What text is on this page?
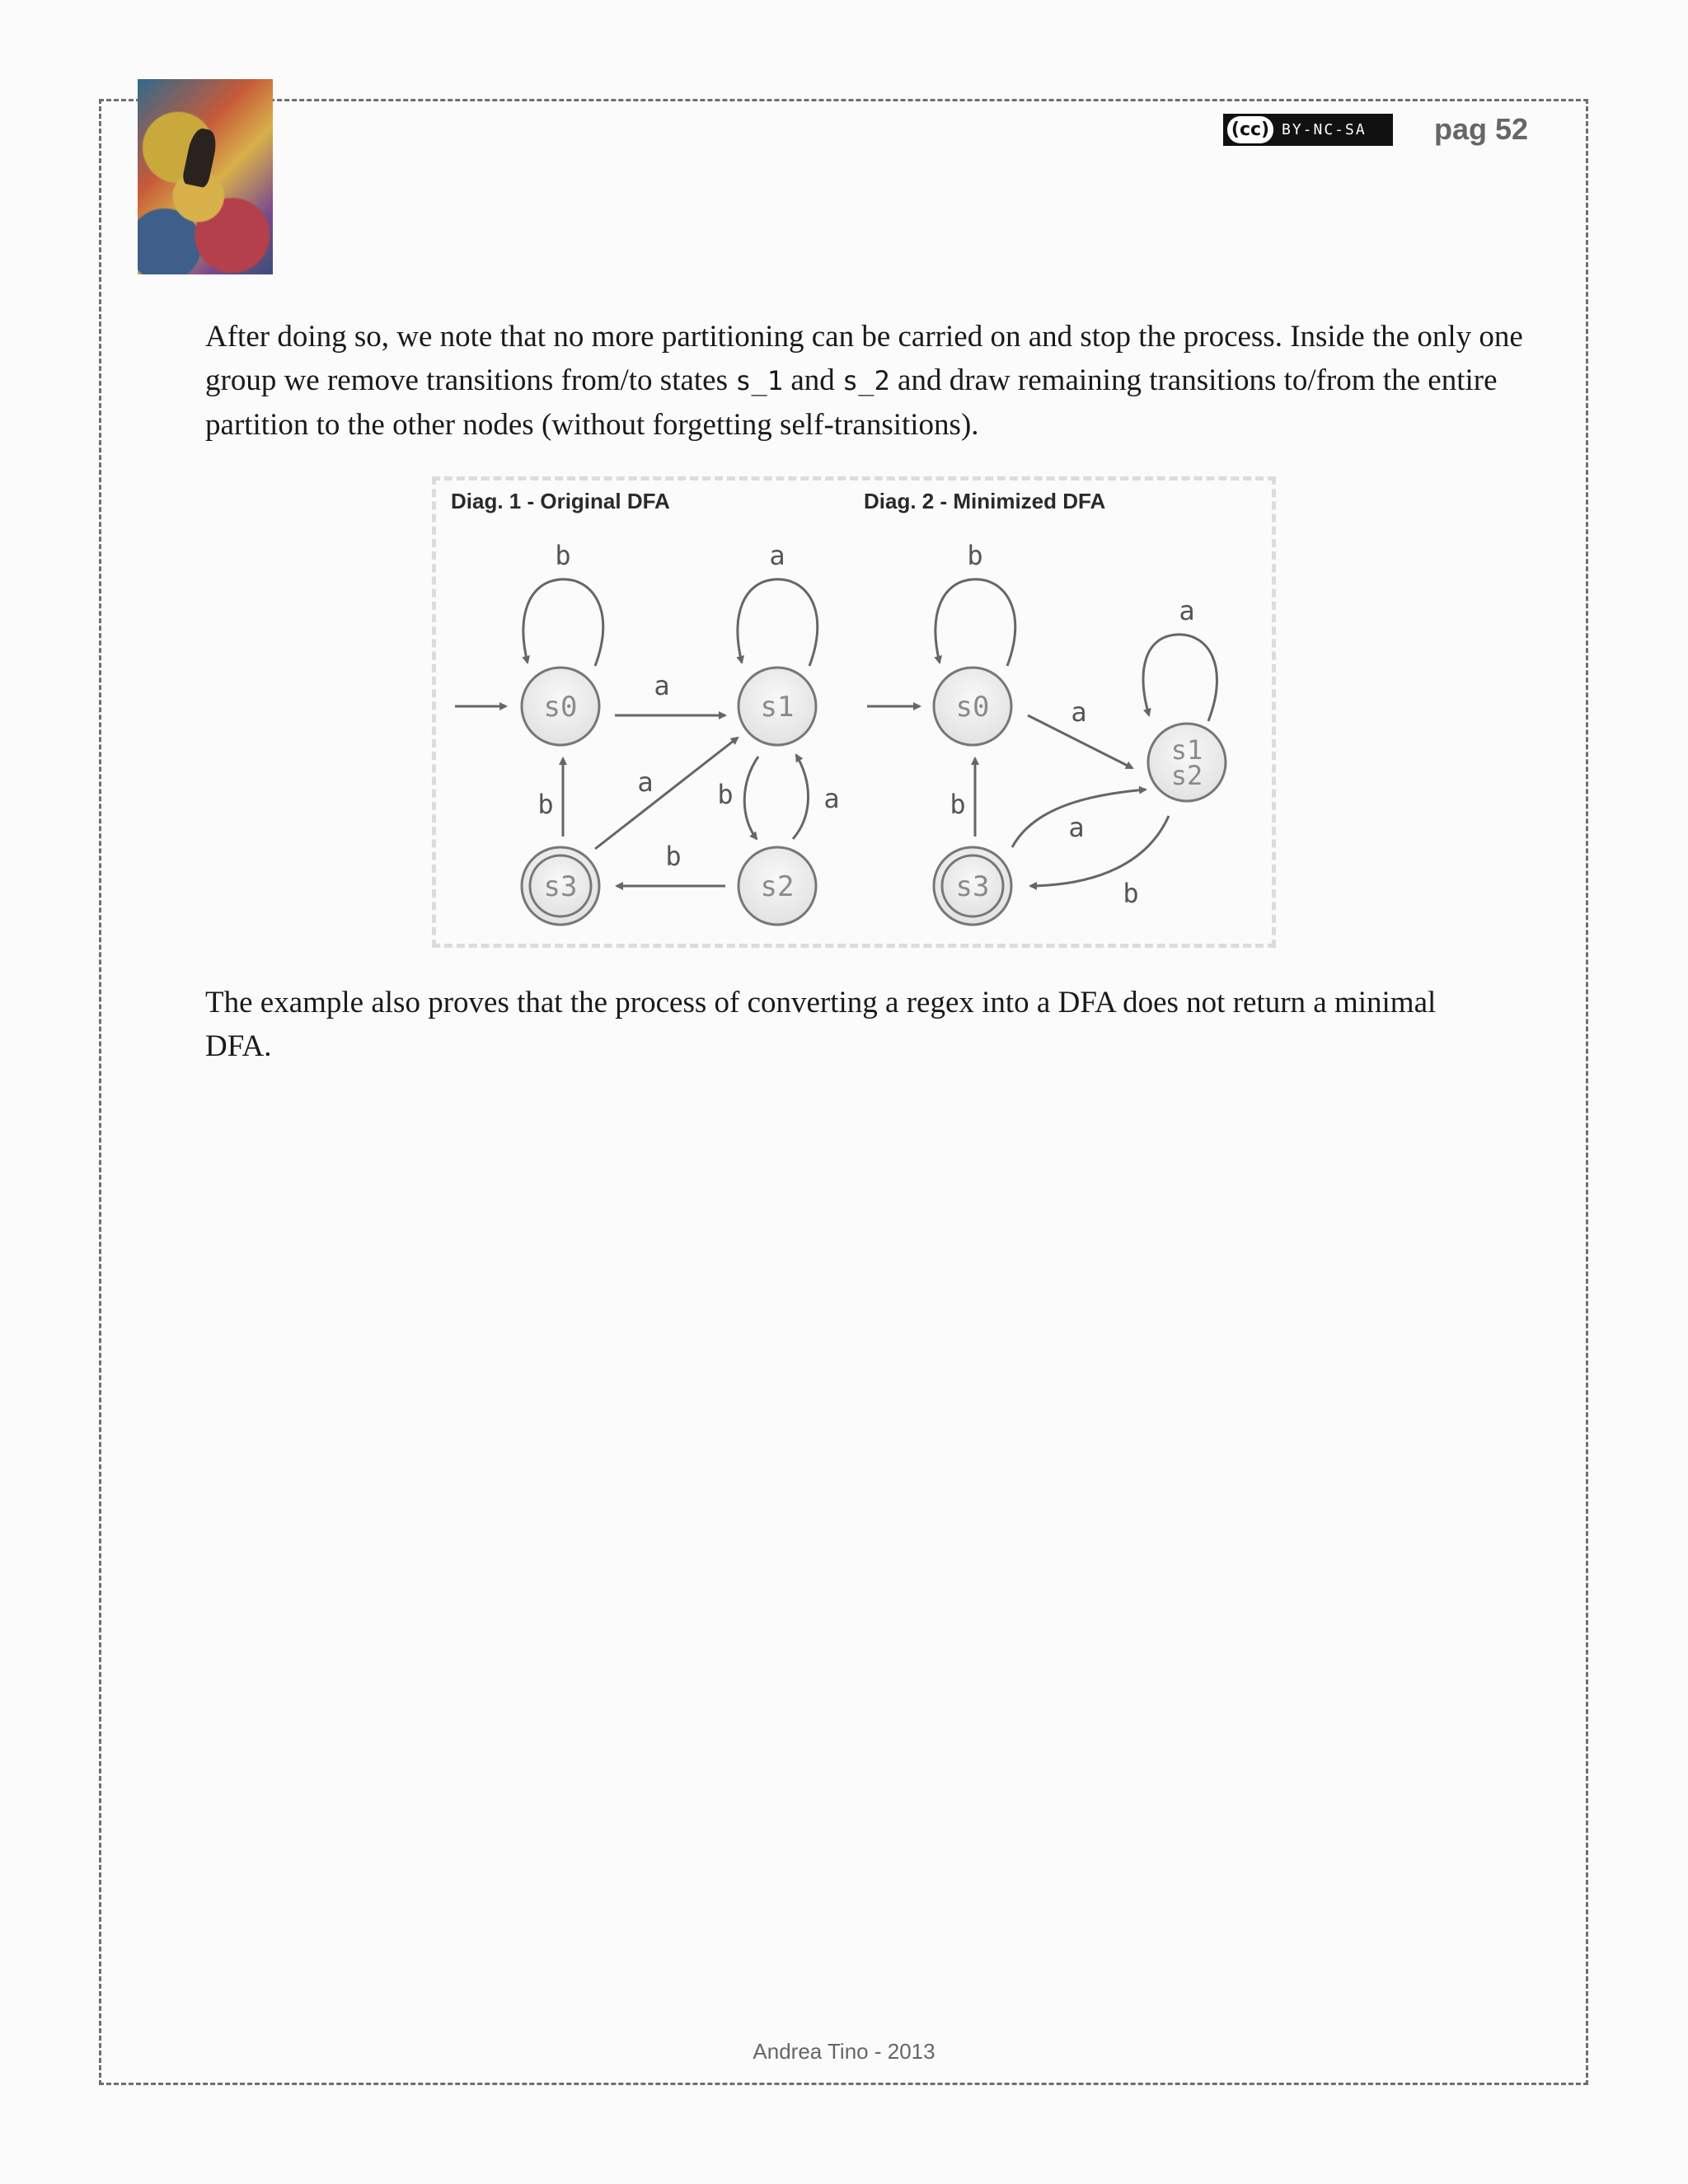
(cc) BY-NC-SA pag 52

After doing so, we note that no more partitioning can be carried on and stop the process. Inside the only one group we remove transitions from/to states s_1 and s_2 and draw remaining transitions to/from the entire partition to the other nodes (without forgetting self-transitions).

Diag. 1 - Original DFA	Diag. 2 - Minimized DFA
s0	s1
s2
s3
s0
s1
s2
s3
b	a
a
a b	a
b
b
b
a
a
a
b
b

The example also proves that the process of converting a regex into a DFA does not return a minimal DFA.

Andrea Tino - 2013
